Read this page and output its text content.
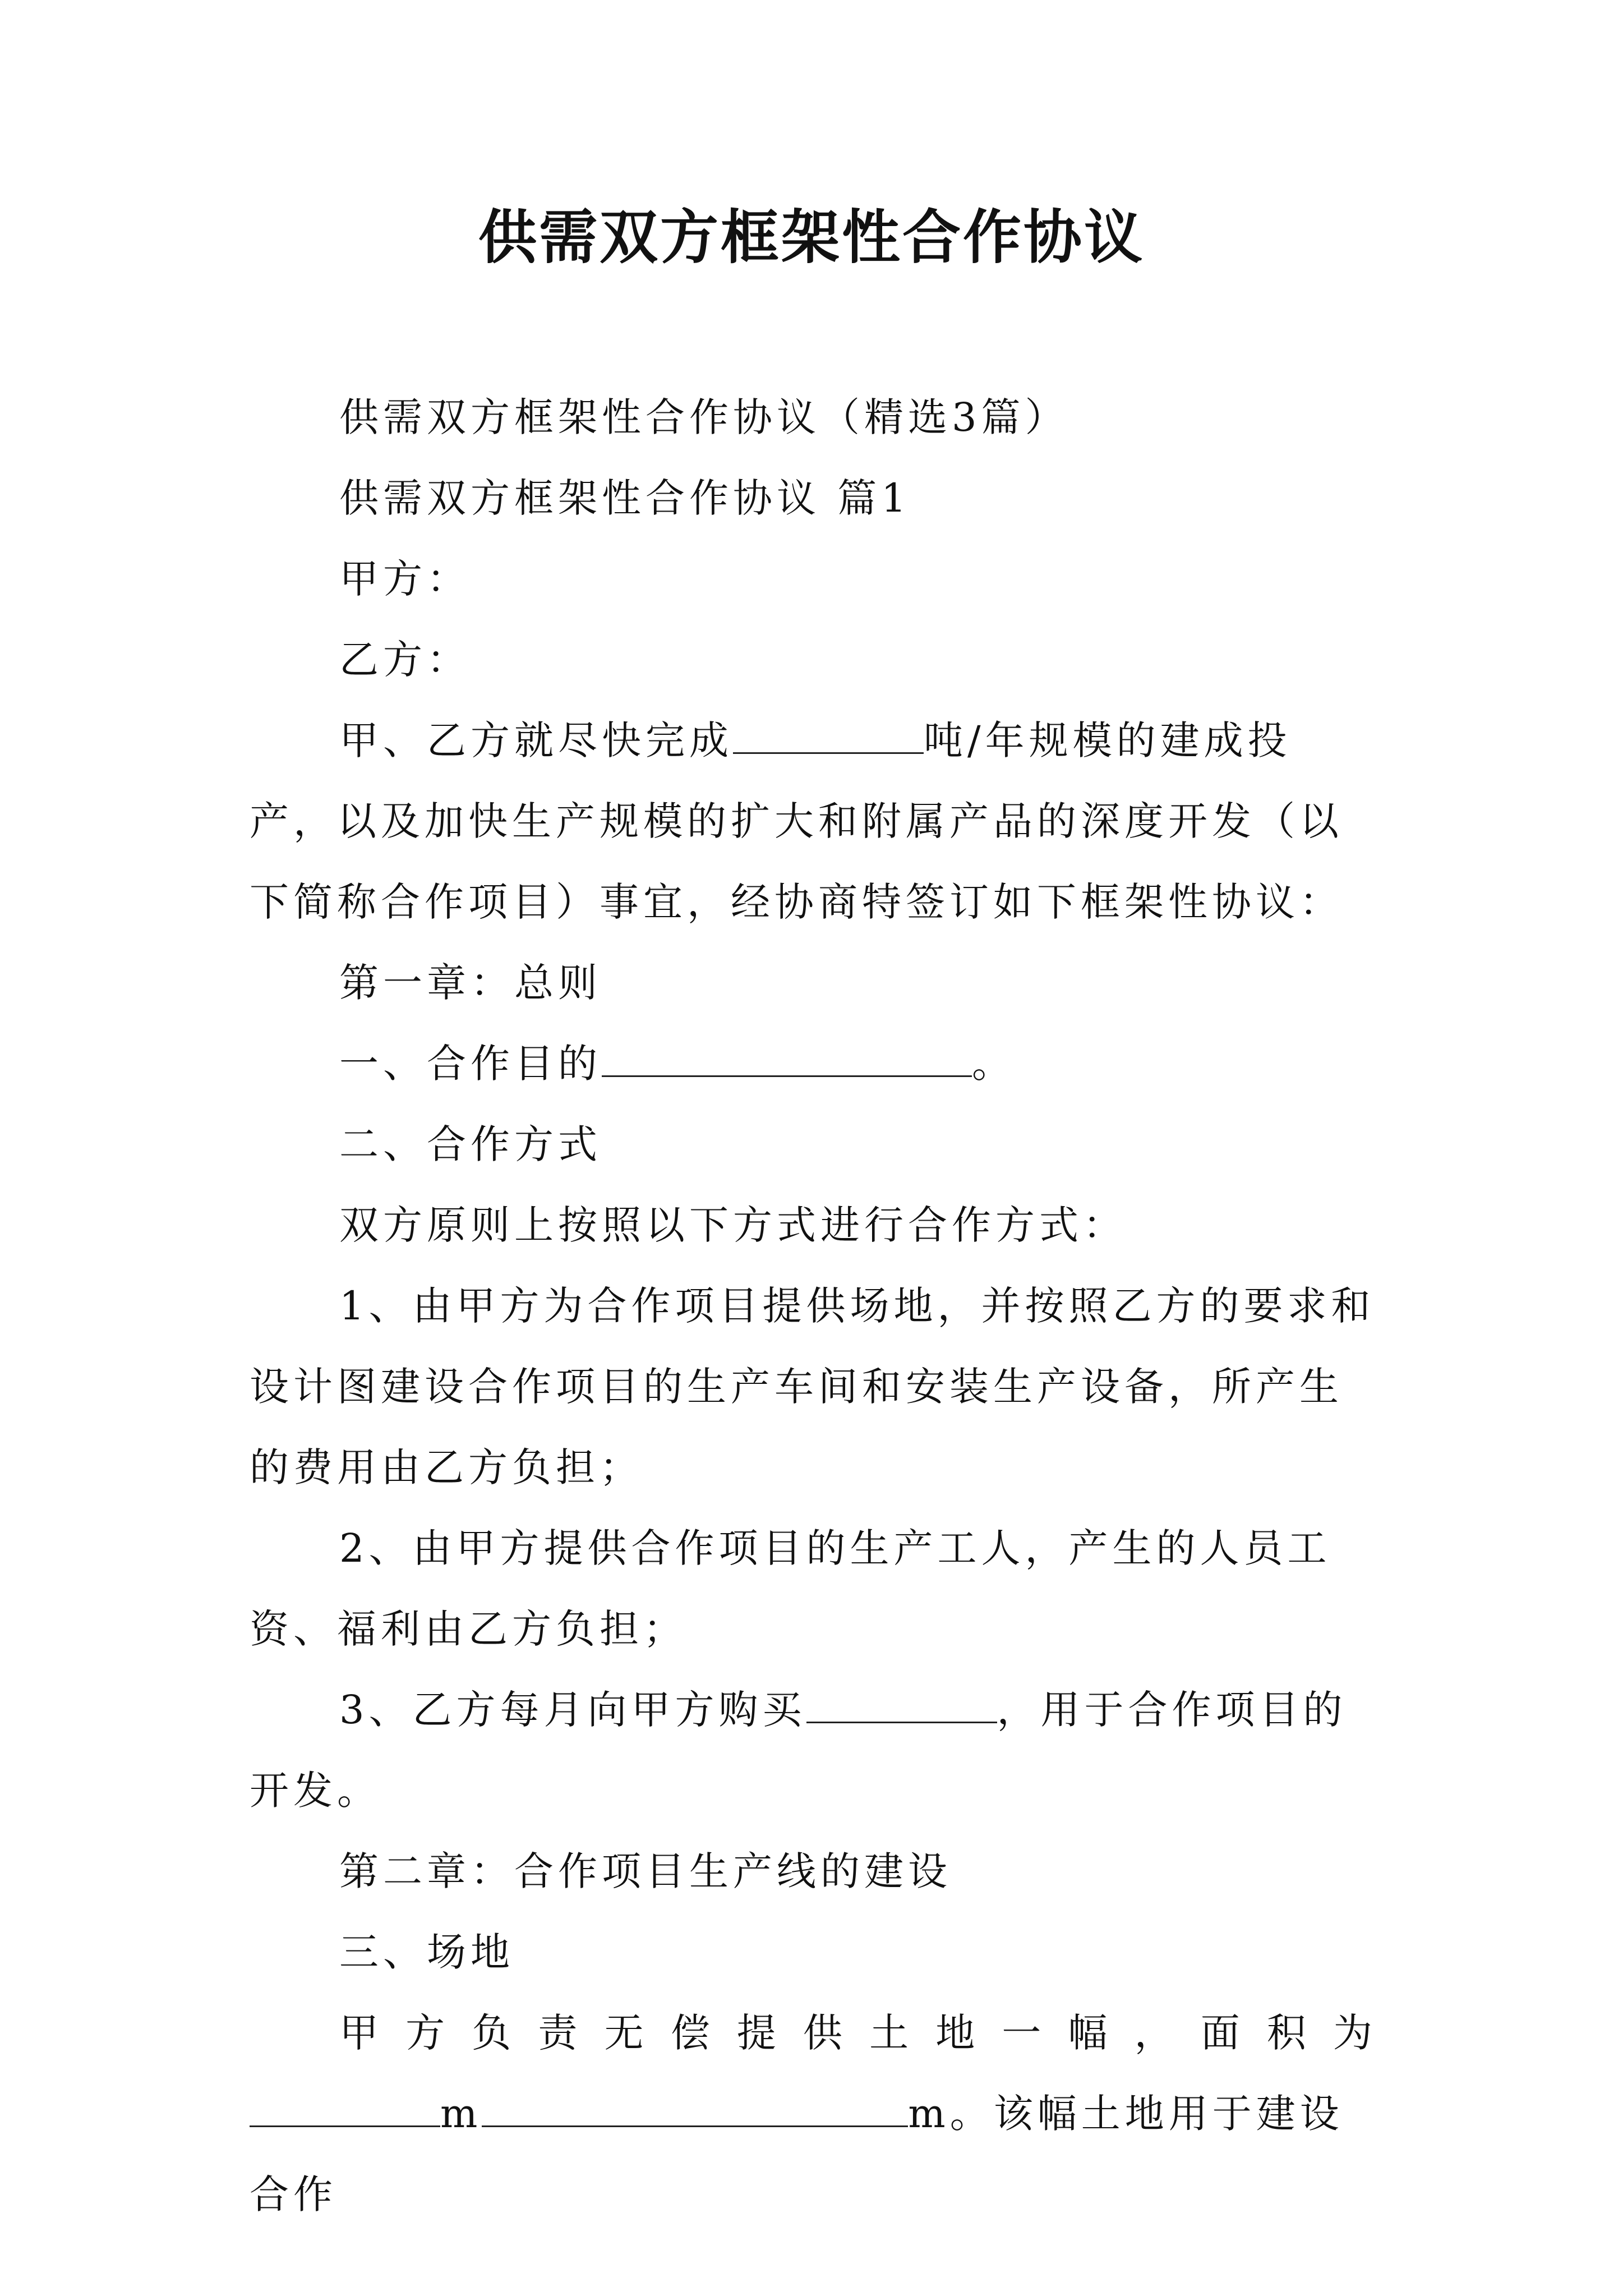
供需双方框架性合作协议

供需双方框架性合作协议（精选3篇）

供需双方框架性合作协议 篇1

甲方：

乙方：

甲、乙方就尽快完成	吨/年规模的建成投产，以及加快生产规模的扩大和附属产品的深度开发（以下简称合作项目）事宜，经协商特签订如下框架性协议：

第一章：总则

一、合作目的	。

二、合作方式

双方原则上按照以下方式进行合作方式：

1、由甲方为合作项目提供场地，并按照乙方的要求和设计图建设合作项目的生产车间和安装生产设备，所产生的费用由乙方负担；

2、由甲方提供合作项目的生产工人，产生的人员工资、福利由乙方负担；

3、乙方每月向甲方购买	，用于合作项目的开发。

第二章：合作项目生产线的建设

三、场地

甲方负责无偿提供土地一幅，面积为

m	m。该幅土地用于建设合作
